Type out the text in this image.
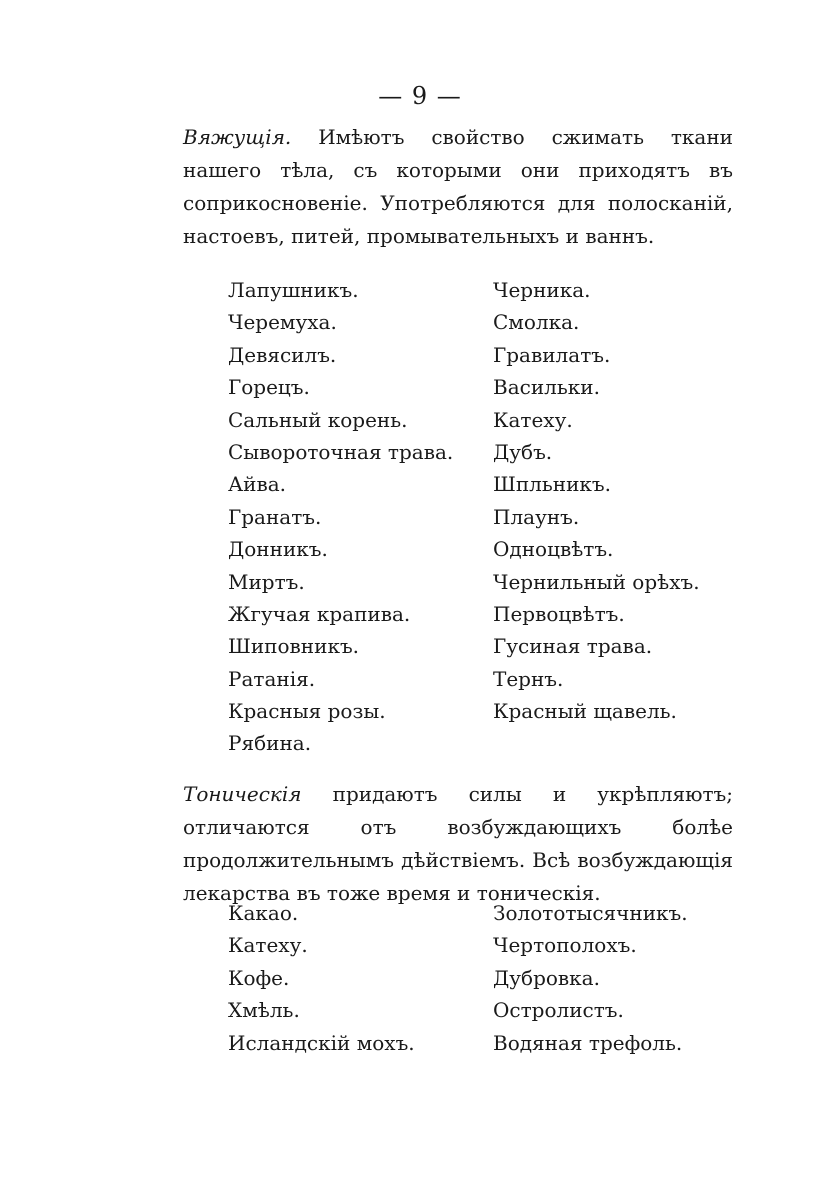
— 9 —

Вяжущія. Имѣютъ свойство сжимать ткани нашего тѣла, съ которыми они приходятъ въ соприкосновеніе. Употребляются для полосканій, настоевъ, питей, промывательныхъ и ваннъ.

Лапушникъ.	Черника.
Черемуха.	Смолка.
Девясилъ.	Гравилатъ.
Горецъ.	Васильки.
Сальный корень.	Катеху.
Сывороточная трава.	Дубъ.
Айва.	Шпльникъ.
Гранатъ.	Плаунъ.
Донникъ.	Одноцвѣтъ.
Миртъ.	Чернильный орѣхъ.
Жгучая крапива.	Первоцвѣтъ.
Шиповникъ.	Гусиная трава.
Ратанія.	Тернъ.
Красныя розы.	Красный щавель.
Рябина.

Тоническія придаютъ силы и укрѣпляютъ; отличаются отъ возбуждающихъ болѣе продолжительнымъ дѣйствіемъ. Всѣ возбуждающія лекарства въ тоже время и тоническія.

Какао.	Золототысячникъ.
Катеху.	Чертополохъ.
Кофе.	Дубровка.
Хмѣль.	Остролистъ.
Исландскій мохъ.	Водяная трефоль.
